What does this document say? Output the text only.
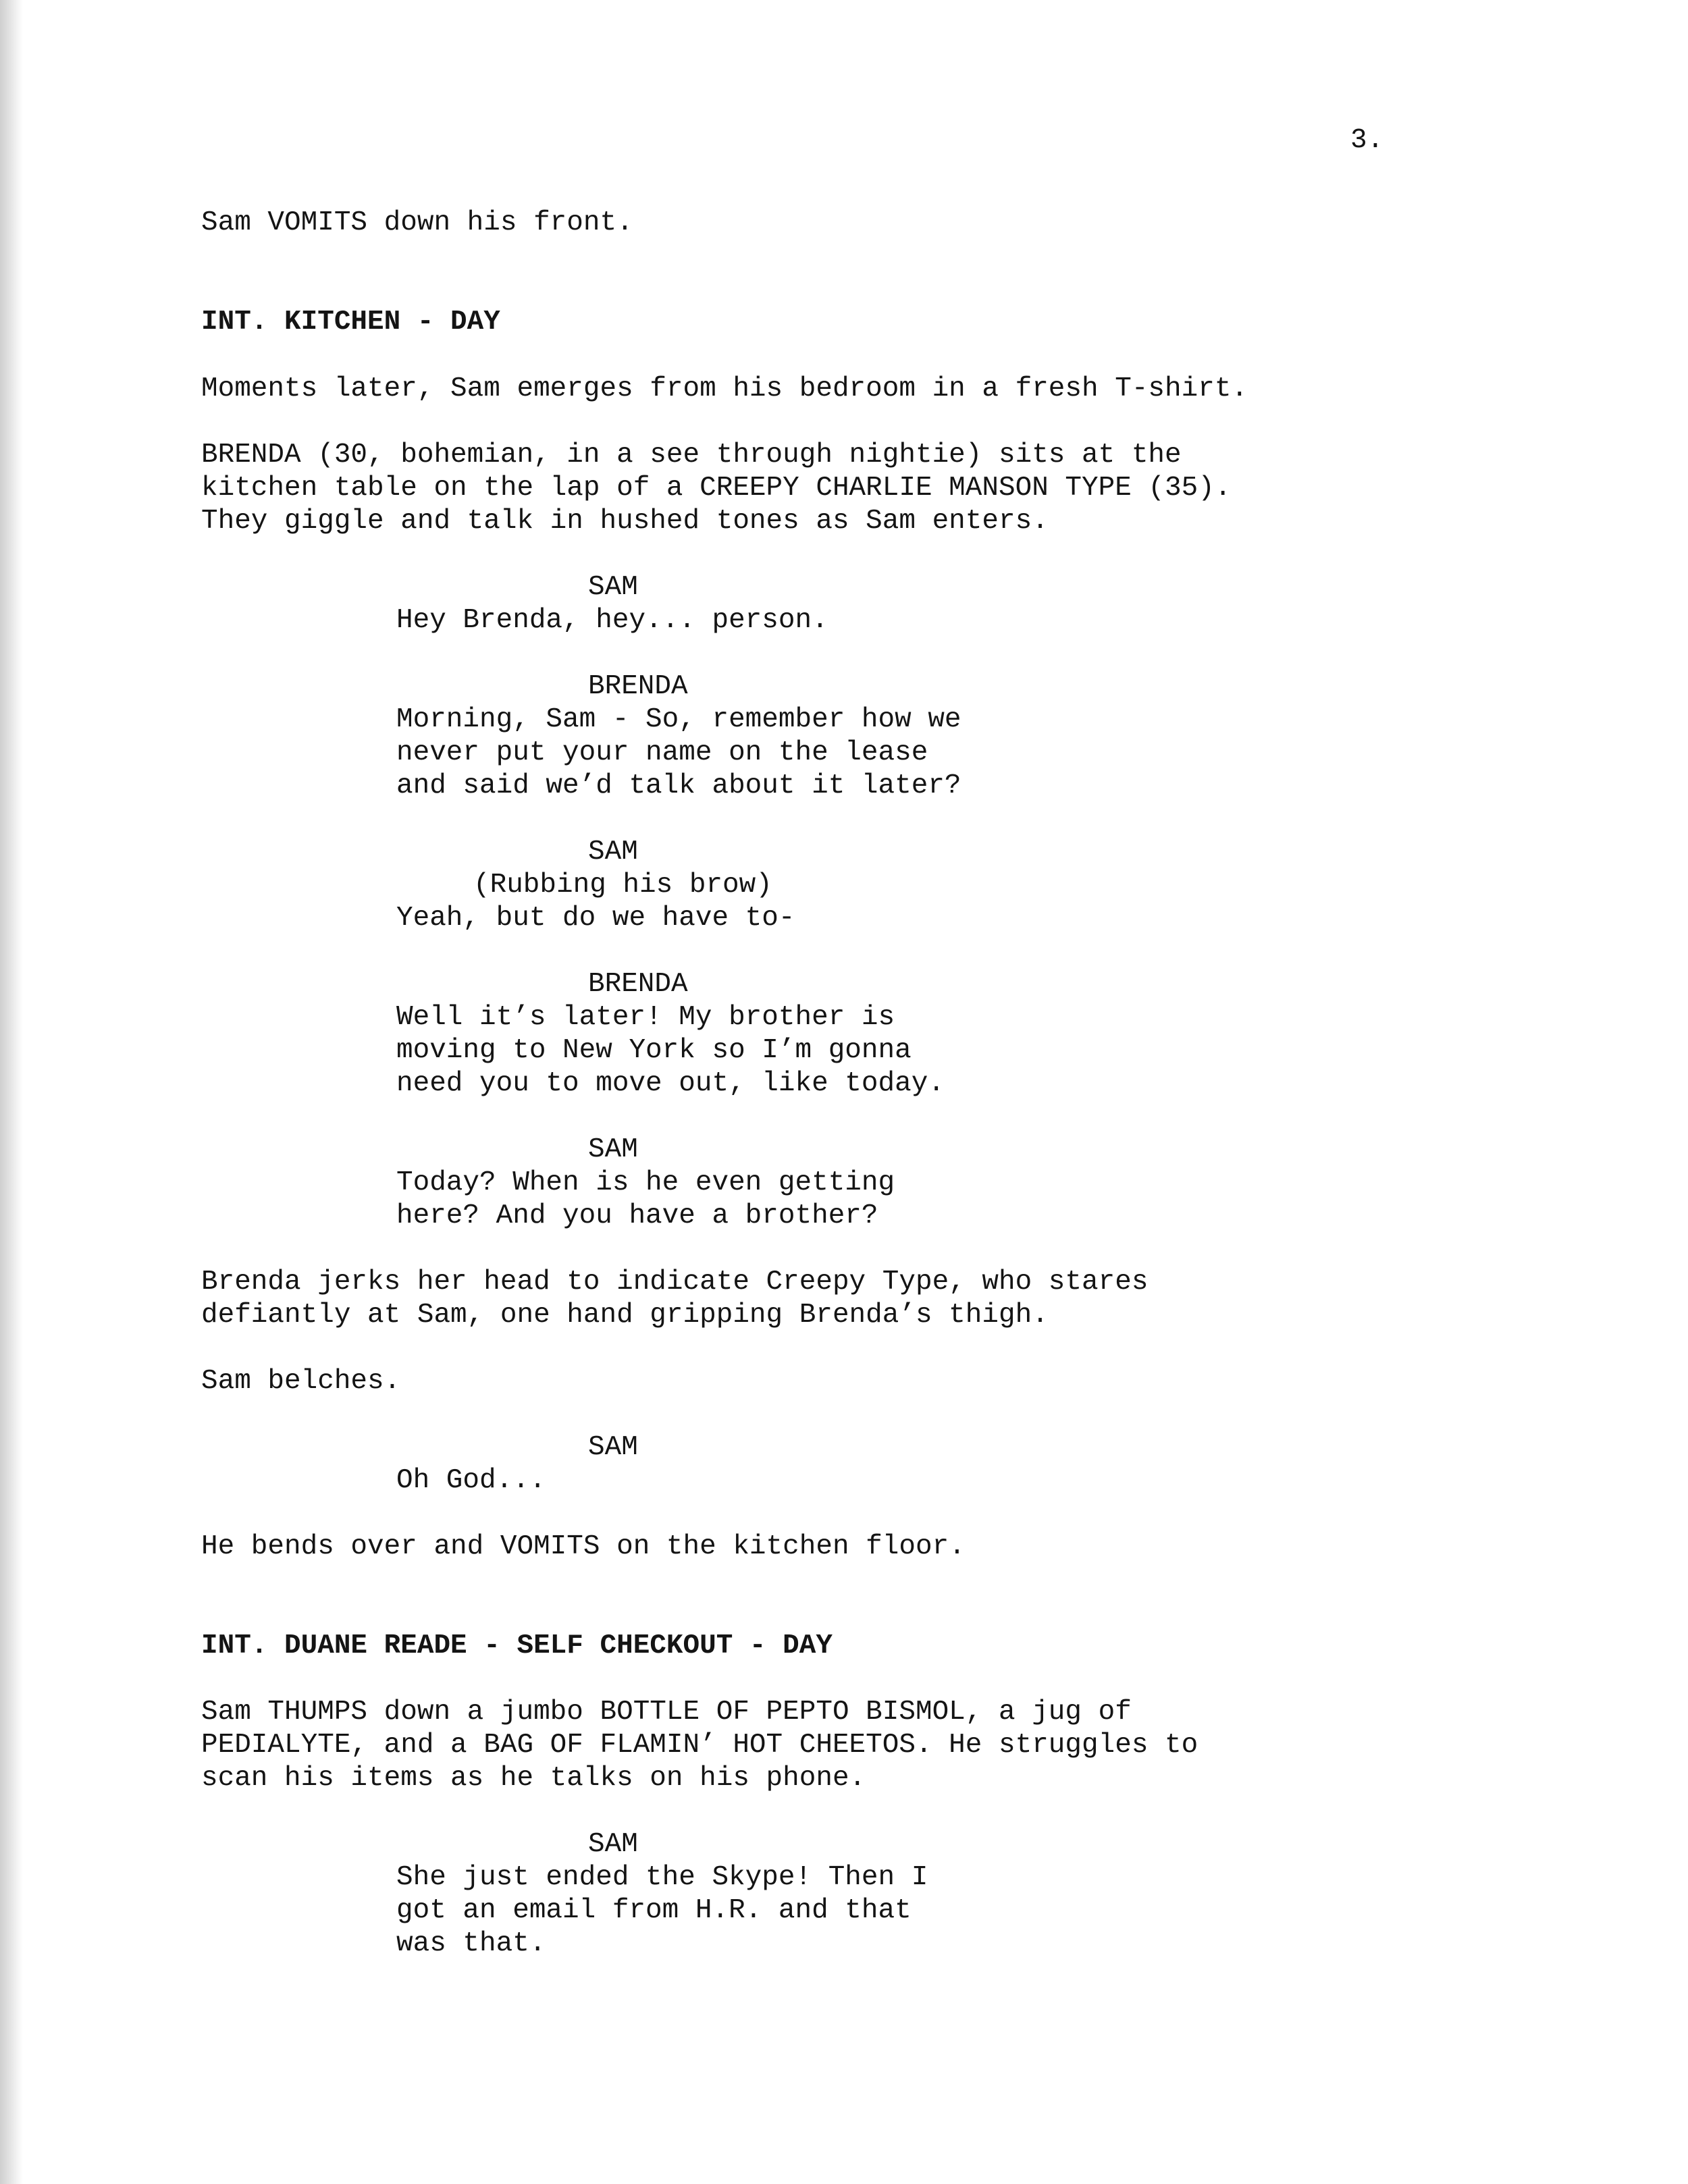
3.

Sam VOMITS down his front.

INT. KITCHEN - DAY

Moments later, Sam emerges from his bedroom in a fresh T-shirt.

BRENDA (30, bohemian, in a see through nightie) sits at the

kitchen table on the lap of a CREEPY CHARLIE MANSON TYPE (35).

They giggle and talk in hushed tones as Sam enters.

SAM

Hey Brenda, hey... person.

BRENDA

Morning, Sam - So, remember how we

never put your name on the lease

and said we’d talk about it later?

SAM

(Rubbing his brow)

Yeah, but do we have to-

BRENDA

Well it’s later! My brother is

moving to New York so I’m gonna

need you to move out, like today.

SAM

Today? When is he even getting

here? And you have a brother?

Brenda jerks her head to indicate Creepy Type, who stares

defiantly at Sam, one hand gripping Brenda’s thigh.

Sam belches.

SAM

Oh God...

He bends over and VOMITS on the kitchen floor.

INT. DUANE READE - SELF CHECKOUT - DAY

Sam THUMPS down a jumbo BOTTLE OF PEPTO BISMOL, a jug of

PEDIALYTE, and a BAG OF FLAMIN’ HOT CHEETOS. He struggles to

scan his items as he talks on his phone.

SAM

She just ended the Skype! Then I

got an email from H.R. and that

was that.
